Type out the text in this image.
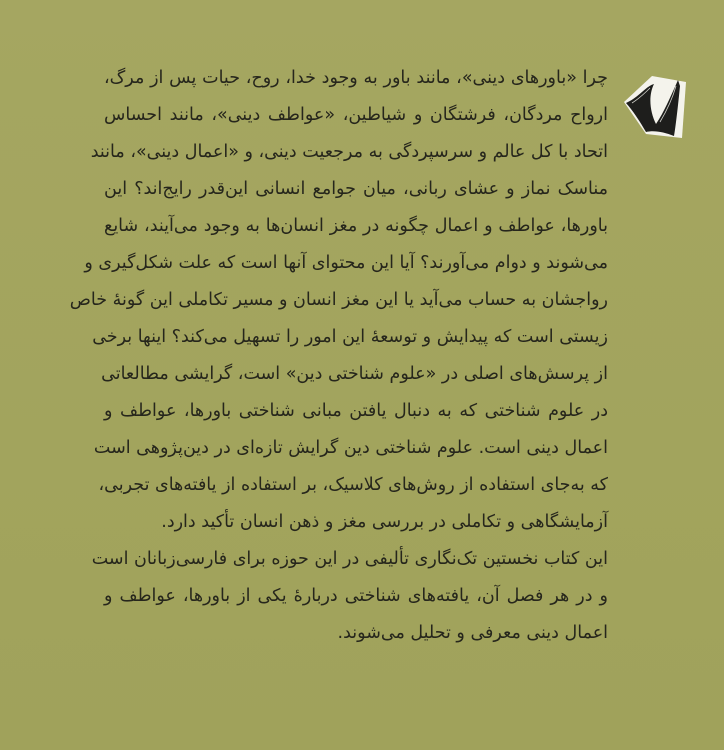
چرا «باورهای دینی»، مانند باور به وجود خدا، روح، حیات پس از مرگ،
ارواح مردگان، فرشتگان و شیاطین، «عواطف دینی»، مانند احساس
اتحاد با کل عالم و سرسپردگی به مرجعیت دینی، و «اعمال دینی»، مانند
مناسک نماز و عشای ربانی، میان جوامع انسانی این‌قدر رایج‌اند؟ این
باورها، عواطف و اعمال چگونه در مغز انسان‌ها به وجود می‌آیند، شایع
می‌شوند و دوام می‌آورند؟ آیا این محتوای آنها است که علت شکل‌گیری و
رواجشان به حساب می‌آید یا این مغز انسان و مسیر تکاملی این گونهٔ خاص
زیستی است که پیدایش و توسعهٔ این امور را تسهیل می‌کند؟ اینها برخی
از پرسش‌های اصلی در «علوم شناختی دین» است، گرایشی مطالعاتی
در علوم شناختی که به دنبال یافتن مبانی شناختی باورها، عواطف و
اعمال دینی است. علوم شناختی دین گرایش تازه‌ای در دین‌پژوهی است
که به‌جای استفاده از روش‌های کلاسیک، بر استفاده از یافته‌های تجربی،
آزمایشگاهی و تکاملی در بررسی مغز و ذهن انسان تأکید دارد.
این کتاب نخستین تک‌نگاری تألیفی در این حوزه برای فارسی‌زبانان است
و در هر فصل آن، یافته‌های شناختی دربارهٔ یکی از باورها، عواطف و
اعمال دینی معرفی و تحلیل می‌شوند.
